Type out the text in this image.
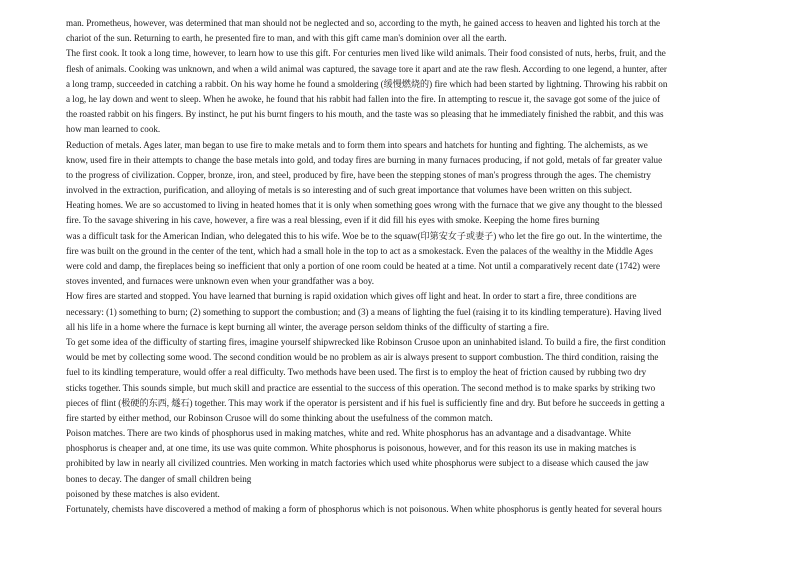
man. Prometheus, however, was determined that man should not be neglected and so, according to the myth, he gained access to heaven and lighted his torch at the
chariot of the sun. Returning to earth, he presented fire to man, and with this gift came man's dominion over all the earth.
The first cook. It took a long time, however, to learn how to use this gift. For centuries men lived like wild animals. Their food consisted of nuts, herbs, fruit, and the
flesh of animals. Cooking was unknown, and when a wild animal was captured, the savage tore it apart and ate the raw flesh. According to one legend, a hunter, after
a long tramp, succeeded in catching a rabbit. On his way home he found a smoldering (缓慢燃烧的) fire which had been started by lightning. Throwing his rabbit on
a log, he lay down and went to sleep. When he awoke, he found that his rabbit had fallen into the fire. In attempting to rescue it, the savage got some of the juice of
the roasted rabbit on his fingers. By instinct, he put his burnt fingers to his mouth, and the taste was so pleasing that he immediately finished the rabbit, and this was
how man learned to cook.
Reduction of metals. Ages later, man began to use fire to make metals and to form them into spears and hatchets for hunting and fighting. The alchemists, as we
know, used fire in their attempts to change the base metals into gold, and today fires are burning in many furnaces producing, if not gold, metals of far greater value
to the progress of civilization. Copper, bronze, iron, and steel, produced by fire, have been the stepping stones of man's progress through the ages. The chemistry
involved in the extraction, purification, and alloying of metals is so interesting and of such great importance that volumes have been written on this subject.
Heating homes. We are so accustomed to living in heated homes that it is only when something goes wrong with the furnace that we give any thought to the blessed
fire. To the savage shivering in his cave, however, a fire was a real blessing, even if it did fill his eyes with smoke. Keeping the home fires burning
was a difficult task for the American Indian, who delegated this to his wife. Woe be to the squaw(印第安女子或妻子) who let the fire go out. In the wintertime, the
fire was built on the ground in the center of the tent, which had a small hole in the top to act as a smokestack. Even the palaces of the wealthy in the Middle Ages
were cold and damp, the fireplaces being so inefficient that only a portion of one room could be heated at a time. Not until a comparatively recent date (1742) were
stoves invented, and furnaces were unknown even when your grandfather was a boy.
How fires are started and stopped. You have learned that burning is rapid oxidation which gives off light and heat. In order to start a fire, three conditions are
necessary: (1) something to burn; (2) something to support the combustion; and (3) a means of lighting the fuel (raising it to its kindling temperature). Having lived
all his life in a home where the furnace is kept burning all winter, the average person seldom thinks of the difficulty of starting a fire.
To get some idea of the difficulty of starting fires, imagine yourself shipwrecked like Robinson Crusoe upon an uninhabited island. To build a fire, the first condition
would be met by collecting some wood. The second condition would be no problem as air is always present to support combustion. The third condition, raising the
fuel to its kindling temperature, would offer a real difficulty. Two methods have been used. The first is to employ the heat of friction caused by rubbing two dry
sticks together. This sounds simple, but much skill and practice are essential to the success of this operation. The second method is to make sparks by striking two
pieces of flint (极硬的东西, 燧石) together. This may work if the operator is persistent and if his fuel is sufficiently fine and dry. But before he succeeds in getting a
fire started by either method, our Robinson Crusoe will do some thinking about the usefulness of the common match.
Poison matches. There are two kinds of phosphorus used in making matches, white and red. White phosphorus has an advantage and a disadvantage. White
phosphorus is cheaper and, at one time, its use was quite common. White phosphorus is poisonous, however, and for this reason its use in making matches is
prohibited by law in nearly all civilized countries. Men working in match factories which used white phosphorus were subject to a disease which caused the jaw
bones to decay. The danger of small children being
poisoned by these matches is also evident.
Fortunately, chemists have discovered a method of making a form of phosphorus which is not poisonous. When white phosphorus is gently heated for several hours
